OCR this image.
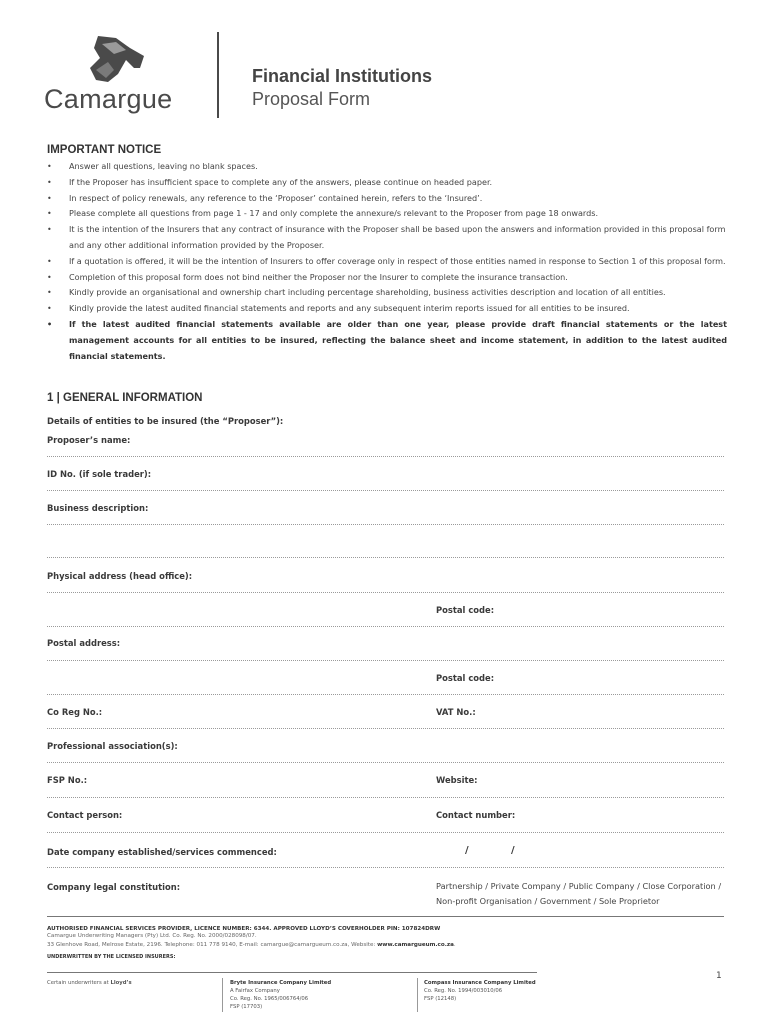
Camargue
Financial Institutions
Proposal Form
IMPORTANT NOTICE
• Answer all questions, leaving no blank spaces.
• If the Proposer has insufficient space to complete any of the answers, please continue on headed paper.
• In respect of policy renewals, any reference to the ‘Proposer’ contained herein, refers to the ‘Insured’.
• Please complete all questions from page 1 - 17 and only complete the annexure/s relevant to the Proposer from page 18 onwards.
• It is the intention of the Insurers that any contract of insurance with the Proposer shall be based upon the answers and information provided in this proposal form and any other additional information provided by the Proposer.
• If a quotation is offered, it will be the intention of Insurers to offer coverage only in respect of those entities named in response to Section 1 of this proposal form.
• Completion of this proposal form does not bind neither the Proposer nor the Insurer to complete the insurance transaction.
• Kindly provide an organisational and ownership chart including percentage shareholding, business activities description and location of all entities.
• Kindly provide the latest audited financial statements and reports and any subsequent interim reports issued for all entities to be insured.
• If the latest audited financial statements available are older than one year, please provide draft financial statements or the latest management accounts for all entities to be insured, reflecting the balance sheet and income statement, in addition to the latest audited financial statements.
1 | GENERAL INFORMATION
Details of entities to be insured (the “Proposer”):
Proposer’s name:
ID No. (if sole trader):
Business description:
Physical address (head office):
Postal code:
Postal address:
Postal code:
Co Reg No.:	VAT No.:
Professional association(s):
FSP No.:	Website:
Contact person:	Contact number:
Date company established/services commenced:	/	/
Company legal constitution:	Partnership / Private Company / Public Company / Close Corporation /
Non-profit Organisation / Government / Sole Proprietor
AUTHORISED FINANCIAL SERVICES PROVIDER, LICENCE NUMBER: 6344. APPROVED LLOYD’S COVERHOLDER PIN: 107824DRW
Camargue Underwriting Managers (Pty) Ltd. Co. Reg. No. 2000/028098/07.
33 Glenhove Road, Melrose Estate, 2196. Telephone: 011 778 9140, E-mail: camargue@camargueum.co.za, Website: www.camargueum.co.za.
UNDERWRITTEN BY THE LICENSED INSURERS:
Certain underwriters at Lloyd’s	Bryte Insurance Company Limited
A Fairfax Company
Co. Reg. No. 1965/006764/06
FSP (17703)
Compass Insurance Company Limited
Co. Reg. No. 1994/003010/06
FSP (12148)
1
